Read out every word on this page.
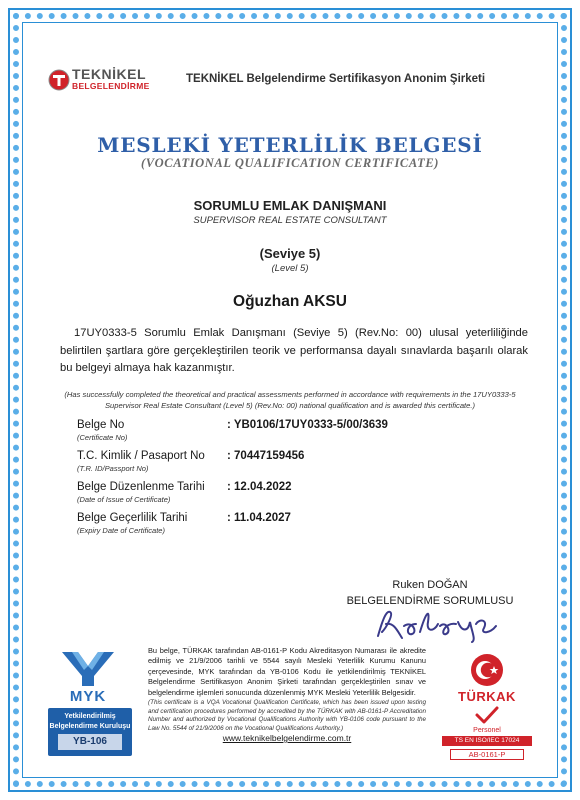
TEKNİKEL
BELGELENDİRME
TEKNİKEL Belgelendirme Sertifikasyon Anonim Şirketi
MESLEKİ YETERLİLİK BELGESİ
(VOCATIONAL QUALIFICATION CERTIFICATE)
SORUMLU EMLAK DANIŞMANI
SUPERVISOR REAL ESTATE CONSULTANT
(Seviye 5)
(Level 5)
Oğuzhan AKSU
17UY0333-5 Sorumlu Emlak Danışmanı (Seviye 5) (Rev.No: 00) ulusal yeterliliğinde belirtilen şartlara göre gerçekleştirilen teorik ve performansa dayalı sınavlarda başarılı olarak bu belgeyi almaya hak kazanmıştır.
(Has successfully completed the theoretical and practical assessments performed in accordance with requirements in the 17UY0333-5 Supervisor Real Estate Consultant (Level 5) (Rev.No: 00) national qualification and is awarded this certificate.)
Belge No
(Certificate No)
: YB0106/17UY0333-5/00/3639
T.C. Kimlik / Pasaport No
(T.R. ID/Passport No)
: 70447159456
Belge Düzenlenme Tarihi
(Date of Issue of Certificate)
: 12.04.2022
Belge Geçerlilik Tarihi
(Expiry Date of Certificate)
: 11.04.2027
Ruken DOĞAN
BELGELENDİRME SORUMLUSU
MYK
Yetkilendirilmiş
Belgelendirme Kuruluşu
YB-106
Bu belge, TÜRKAK tarafından AB-0161-P Kodu Akreditasyon Numarası ile akredite edilmiş ve 21/9/2006 tarihli ve 5544 sayılı Mesleki Yeterlilik Kurumu Kanunu çerçevesinde, MYK tarafından da YB-0106 Kodu ile yetkilendirilmiş TEKNİKEL Belgelendirme Sertifikasyon Anonim Şirketi tarafından gerçekleştirilen sınav ve belgelendirme işlemleri sonucunda düzenlenmiş MYK Mesleki Yeterlilik Belgesidir.
(This certificate is a VQA Vocational Qualification Certificate, which has been issued upon testing and certification procedures performed by accredited by the TÜRKAK with AB-0161-P Accreditation Number and authorized by Vocational Qualifications Authority with YB-0106 code pursuant to the Law No. 5544 of 21/9/2006 on the Vocational Qualifications Authority.)
www.teknikelbelgelendirme.com.tr
TÜRKAK
Personel
TS EN ISO/IEC 17024
AB-0161-P
